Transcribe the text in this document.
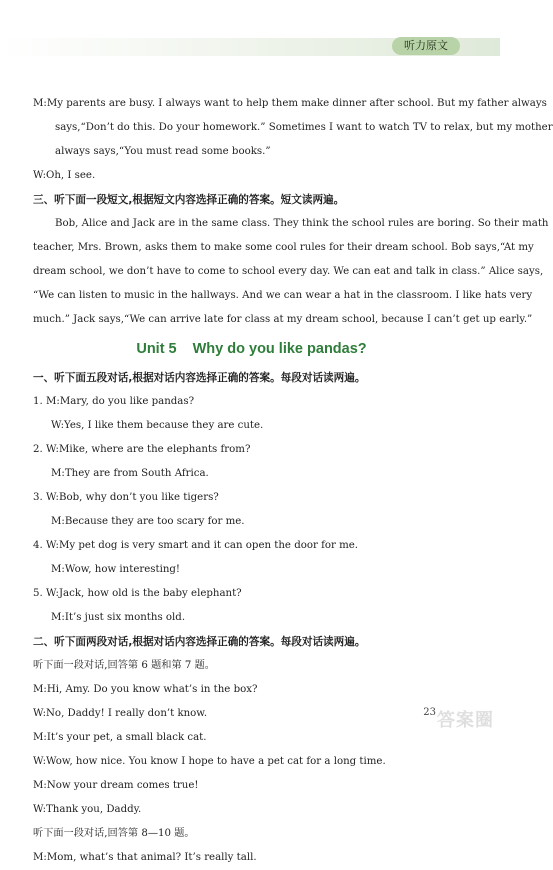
听力原文
M:My parents are busy. I always want to help them make dinner after school. But my father always
says,“Don’t do this. Do your homework.” Sometimes I want to watch TV to relax, but my mother
always says,“You must read some books.”
W:Oh, I see.
三、听下面一段短文,根据短文内容选择正确的答案。短文读两遍。
Bob, Alice and Jack are in the same class. They think the school rules are boring. So their math
teacher, Mrs. Brown, asks them to make some cool rules for their dream school. Bob says,“At my
dream school, we don’t have to come to school every day. We can eat and talk in class.” Alice says,
“We can listen to music in the hallways. And we can wear a hat in the classroom. I like hats very
much.” Jack says,“We can arrive late for class at my dream school, because I can’t get up early.”
Unit 5 Why do you like pandas?
一、听下面五段对话,根据对话内容选择正确的答案。每段对话读两遍。
1. M:Mary, do you like pandas?
W:Yes, I like them because they are cute.
2. W:Mike, where are the elephants from?
M:They are from South Africa.
3. W:Bob, why don’t you like tigers?
M:Because they are too scary for me.
4. W:My pet dog is very smart and it can open the door for me.
M:Wow, how interesting!
5. W:Jack, how old is the baby elephant?
M:It’s just six months old.
二、听下面两段对话,根据对话内容选择正确的答案。每段对话读两遍。
听下面一段对话,回答第 6 题和第 7 题。
M:Hi, Amy. Do you know what’s in the box?
W:No, Daddy! I really don’t know.
M:It’s your pet, a small black cat.
W:Wow, how nice. You know I hope to have a pet cat for a long time.
M:Now your dream comes true!
W:Thank you, Daddy.
听下面一段对话,回答第 8—10 题。
M:Mom, what’s that animal? It’s really tall.
23 答案圈
